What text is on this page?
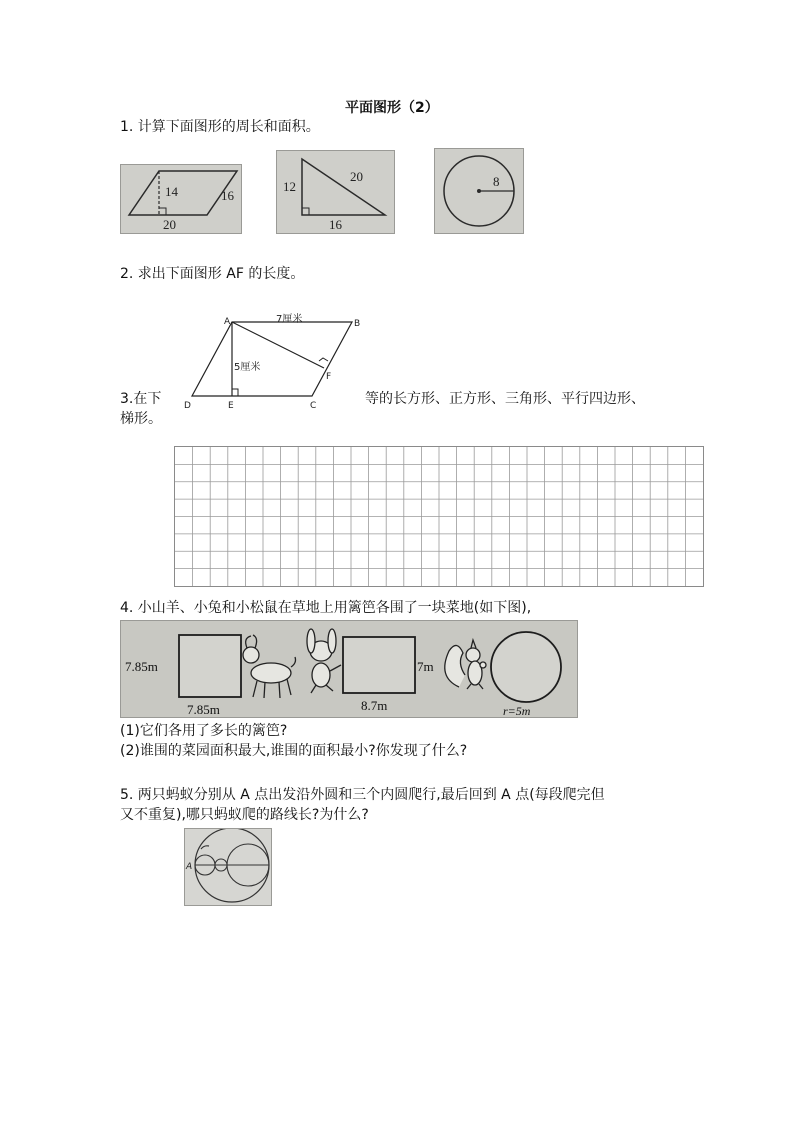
平面图形（2）
1. 计算下面图形的周长和面积。
14	16
20
12
20
16
8
2. 求出下面图形 AF 的长度。
A	B
C
D	E
F
7厘米
5厘米
3.在下	等的长方形、正方形、三角形、平行四边形、
梯形。
4. 小山羊、小兔和小松鼠在草地上用篱笆各围了一块菜地(如下图),
7.85m
7.85m
7m
8.7m	r=5m
(1)它们各用了多长的篱笆?
(2)谁围的菜园面积最大,谁围的面积最小?你发现了什么?
5. 两只蚂蚁分别从 A 点出发沿外圆和三个内圆爬行,最后回到 A 点(每段爬完但
又不重复),哪只蚂蚁爬的路线长?为什么?
A
